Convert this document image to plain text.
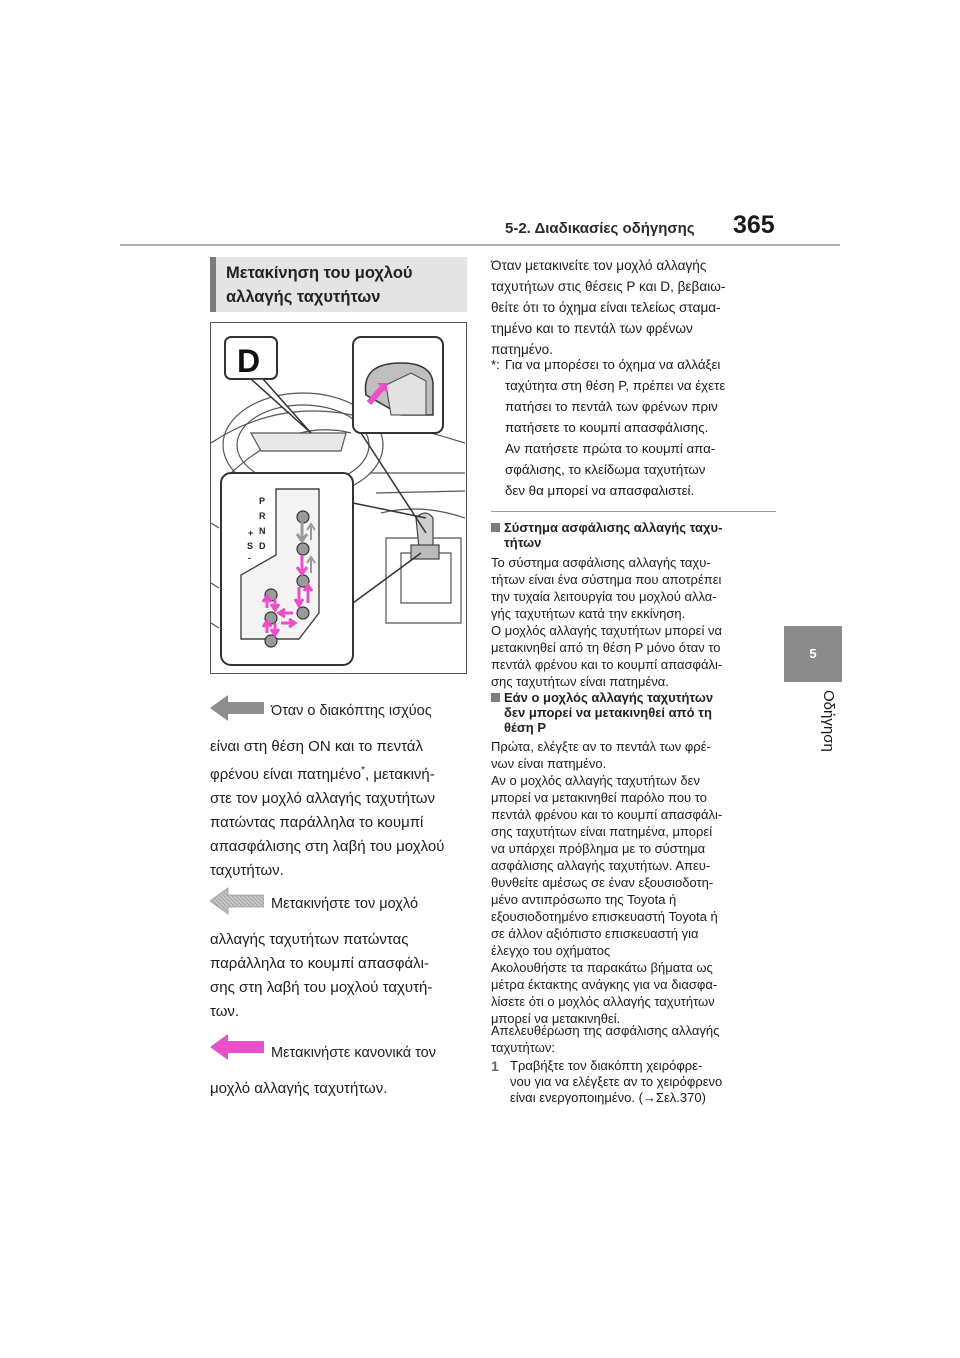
5-2. Διαδικασίες οδήγησης 365
5
Οδήγηση
Μετακίνηση του μοχλού
αλλαγής ταχυτήτων
D
P
R
N
D
S
+
-
Όταν ο διακόπτης ισχύος
είναι στη θέση ON και το πεντάλ
φρένου είναι πατημένο*, μετακινή-
στε τον μοχλό αλλαγής ταχυτήτων
πατώντας παράλληλα το κουμπί
απασφάλισης στη λαβή του μοχλού
ταχυτήτων.
Μετακινήστε τον μοχλό
αλλαγής ταχυτήτων πατώντας
παράλληλα το κουμπί απασφάλι-
σης στη λαβή του μοχλού ταχυτή-
των.
Μετακινήστε κανονικά τον
μοχλό αλλαγής ταχυτήτων.
Όταν μετακινείτε τον μοχλό αλλαγής
ταχυτήτων στις θέσεις P και D, βεβαιω-
θείτε ότι το όχημα είναι τελείως σταμα-
τημένο και το πεντάλ των φρένων
πατημένο.
*: Για να μπορέσει το όχημα να αλλάξει
ταχύτητα στη θέση P, πρέπει να έχετε
πατήσει το πεντάλ των φρένων πριν
πατήσετε το κουμπί απασφάλισης.
Αν πατήσετε πρώτα το κουμπί απα-
σφάλισης, το κλείδωμα ταχυτήτων
δεν θα μπορεί να απασφαλιστεί.
Σύστημα ασφάλισης αλλαγής ταχυ-
τήτων
Το σύστημα ασφάλισης αλλαγής ταχυ-
τήτων είναι ένα σύστημα που αποτρέπει
την τυχαία λειτουργία του μοχλού αλλα-
γής ταχυτήτων κατά την εκκίνηση.
Ο μοχλός αλλαγής ταχυτήτων μπορεί να
μετακινηθεί από τη θέση P μόνο όταν το
πεντάλ φρένου και το κουμπί απασφάλι-
σης ταχυτήτων είναι πατημένα.
Εάν ο μοχλός αλλαγής ταχυτήτων
δεν μπορεί να μετακινηθεί από τη
θέση P
Πρώτα, ελέγξτε αν το πεντάλ των φρέ-
νων είναι πατημένο.
Αν ο μοχλός αλλαγής ταχυτήτων δεν
μπορεί να μετακινηθεί παρόλο που το
πεντάλ φρένου και το κουμπί απασφάλι-
σης ταχυτήτων είναι πατημένα, μπορεί
να υπάρχει πρόβλημα με το σύστημα
ασφάλισης αλλαγής ταχυτήτων. Απευ-
θυνθείτε αμέσως σε έναν εξουσιοδοτη-
μένο αντιπρόσωπο της Toyota ή
εξουσιοδοτημένο επισκευαστή Toyota ή
σε άλλον αξιόπιστο επισκευαστή για
έλεγχο του οχήματος
Ακολουθήστε τα παρακάτω βήματα ως
μέτρα έκτακτης ανάγκης για να διασφα-
λίσετε ότι ο μοχλός αλλαγής ταχυτήτων
μπορεί να μετακινηθεί.
Απελευθέρωση της ασφάλισης αλλαγής
ταχυτήτων:
1 Τραβήξτε τον διακόπτη χειρόφρε-
νου για να ελέγξετε αν το χειρόφρενο
είναι ενεργοποιημένο. (→Σελ.370)
